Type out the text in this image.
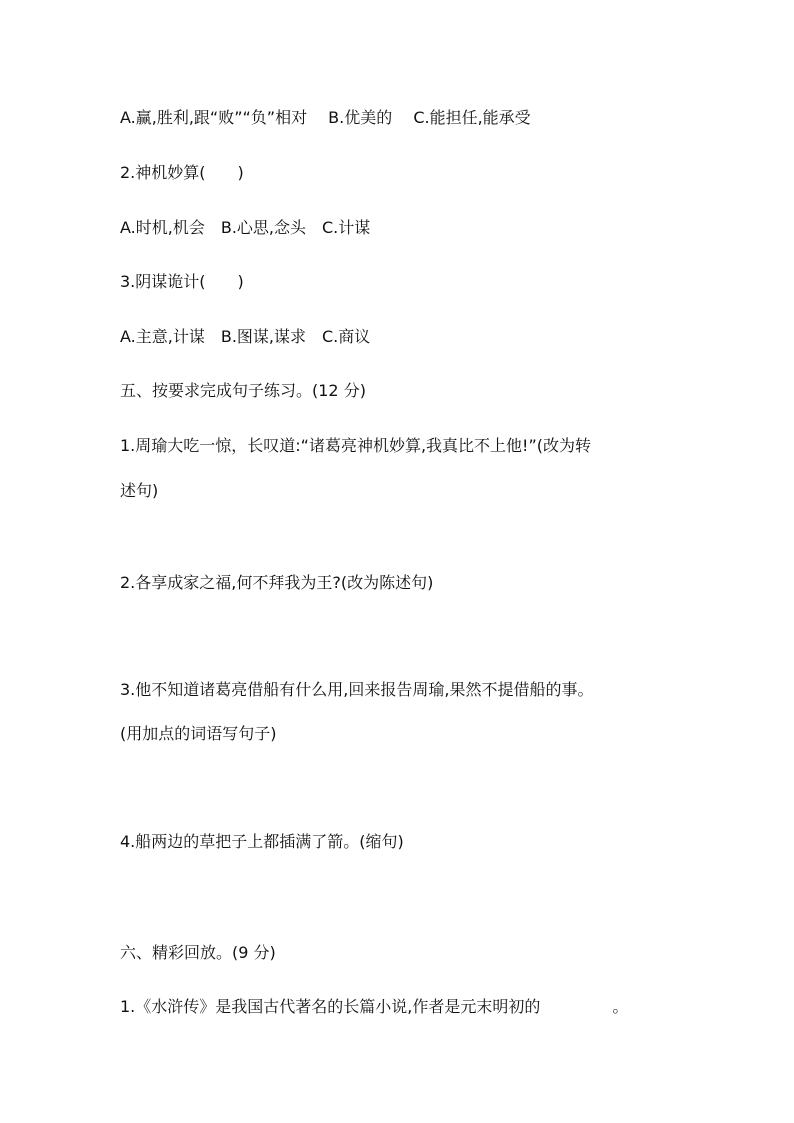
A.赢,胜利,跟“败”“负”相对　 B.优美的　 C.能担任,能承受
2.神机妙算(　　)
A.时机,机会　B.心思,念头　C.计谋
3.阴谋诡计(　　)
A.主意,计谋　B.图谋,谋求　C.商议
五、按要求完成句子练习。(12 分)
1.周瑜大吃一惊，长叹道:“诸葛亮神机妙算,我真比不上他!”(改为转
述句)
2.各享成家之福,何不拜我为王?(改为陈述句)
3.他不知道诸葛亮借船有什么用,回来报告周瑜,果然不提借船的事。
(用加点的词语写句子)
4.船两边的草把子上都插满了箭。(缩句)
六、精彩回放。(9 分)
1.《水浒传》是我国古代著名的长篇小说,作者是元末明初的	。
